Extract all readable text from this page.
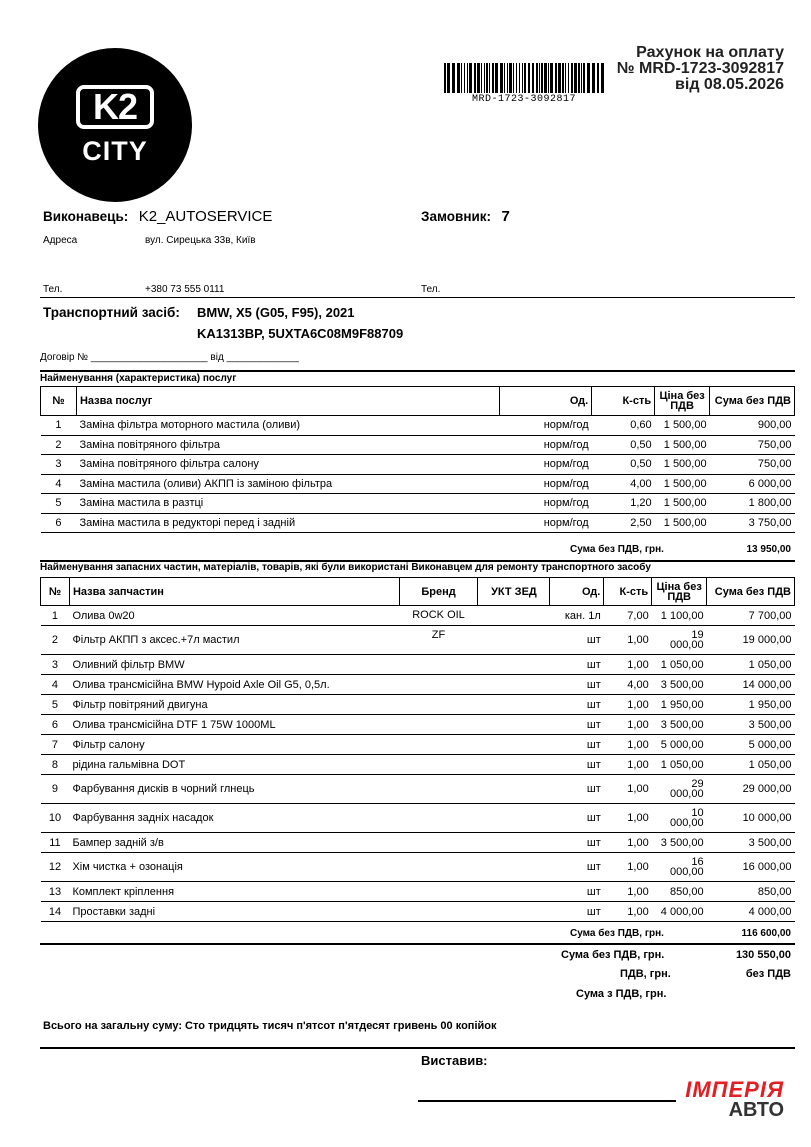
K2
CITY
Рахунок на оплату
№ MRD-1723-3092817
від 08.05.2026
MRD-1723-3092817
Виконавець: K2_AUTOSERVICE	Замовник: 7
Адреса	вул. Сирецька 33в, Київ
Тел.	+380 73 555 0111	Тел.
Транспортний засіб: BMW, X5 (G05, F95), 2021
KA1313BP, 5UXTA6C08M9F88709
Договір № _____________________ від _____________
Найменування (характеристика) послуг
№	Назва послуг	Од.	К-сть	Ціна без ПДВ	Сума без ПДВ
1	Заміна фільтра моторного мастила (оливи)	норм/год	0,60	1 500,00	900,00
2	Заміна повітряного фільтра	норм/год	0,50	1 500,00	750,00
3	Заміна повітряного фільтра салону	норм/год	0,50	1 500,00	750,00
4	Заміна мастила (оливи) АКПП із заміною фільтра	норм/год	4,00	1 500,00	6 000,00
5	Заміна мастила в разтці	норм/год	1,20	1 500,00	1 800,00
6	Заміна мастила в редукторі перед і задній	норм/год	2,50	1 500,00	3 750,00
Сума без ПДВ, грн.	13 950,00
Найменування запасних частин, матеріалів, товарів, які були використані Виконавцем для ремонту транспортного засобу
№	Назва запчастин	Бренд	УКТ ЗЕД	Од.	К-сть	Ціна без ПДВ	Сума без ПДВ
1	Олива 0w20	ROCK OIL		кан. 1л	7,00	1 100,00	7 700,00
2	Фільтр АКПП з аксес.+7л мастил	ZF		шт	1,00	19 000,00	19 000,00
3	Оливний фільтр BMW			шт	1,00	1 050,00	1 050,00
4	Олива трансмісійна BMW Hypoid Axle Oil G5, 0,5л.			шт	4,00	3 500,00	14 000,00
5	Фільтр повітряний двигуна			шт	1,00	1 950,00	1 950,00
6	Олива трансмісійна DTF 1 75W 1000ML			шт	1,00	3 500,00	3 500,00
7	Фільтр салону			шт	1,00	5 000,00	5 000,00
8	рідина гальмівна DOT			шт	1,00	1 050,00	1 050,00
9	Фарбування дисків в чорний глнець			шт	1,00	29 000,00	29 000,00
10	Фарбування задніх насадок			шт	1,00	10 000,00	10 000,00
11	Бампер задній з/в			шт	1,00	3 500,00	3 500,00
12	Хім чистка + озонація			шт	1,00	16 000,00	16 000,00
13	Комплект кріплення			шт	1,00	850,00	850,00
14	Проставки задні			шт	1,00	4 000,00	4 000,00
Сума без ПДВ, грн.	116 600,00
Сума без ПДВ, грн.	130 550,00
ПДВ, грн.	без ПДВ
Сума з ПДВ, грн.
Всього на загальну суму: Сто тридцять тисяч п'ятсот п'ятдесят гривень 00 копійок
Виставив:
ІМПЕРІЯ
АВТО
